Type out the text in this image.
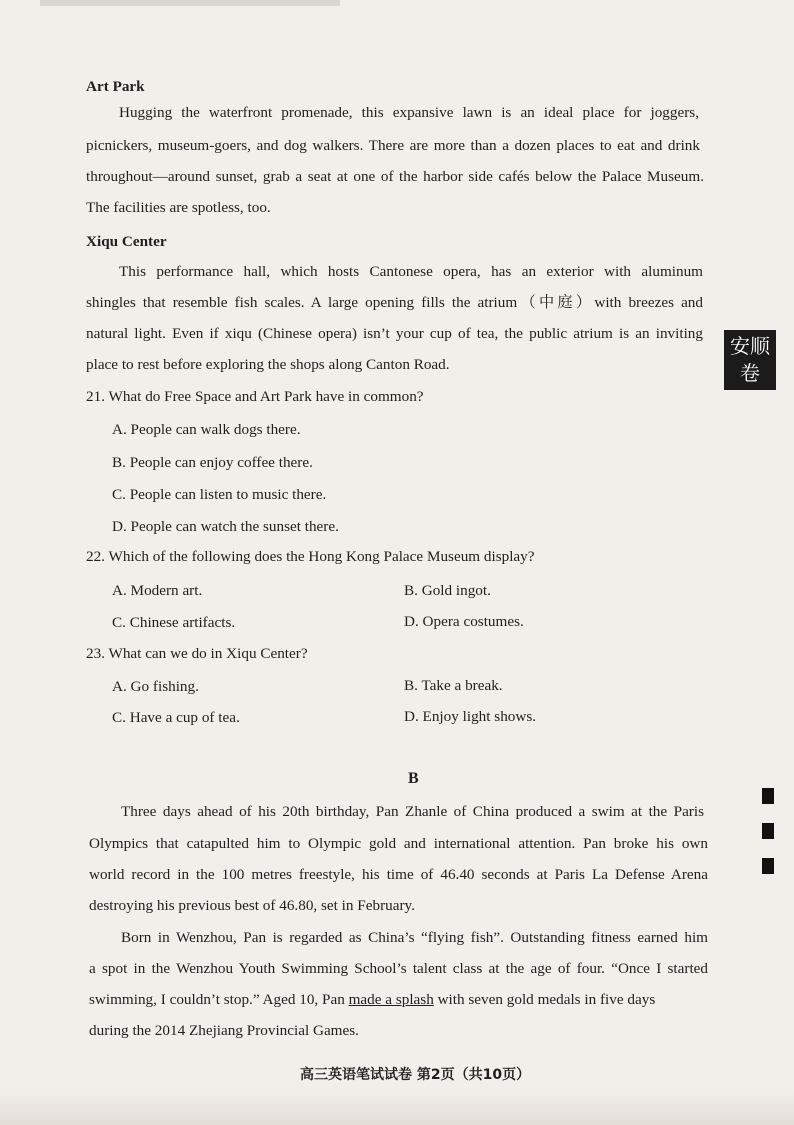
Art Park
Hugging the waterfront promenade, this expansive lawn is an ideal place for joggers,
picnickers, museum-goers, and dog walkers. There are more than a dozen places to eat and drink
throughout—around sunset, grab a seat at one of the harbor side cafés below the Palace Museum.
The facilities are spotless, too.
Xiqu Center
This performance hall, which hosts Cantonese opera, has an exterior with aluminum
shingles that resemble fish scales. A large opening fills the atrium（中庭）with breezes and
natural light. Even if xiqu (Chinese opera) isn’t your cup of tea, the public atrium is an inviting
place to rest before exploring the shops along Canton Road.
21. What do Free Space and Art Park have in common?
A. People can walk dogs there.
B. People can enjoy coffee there.
C. People can listen to music there.
D. People can watch the sunset there.
22. Which of the following does the Hong Kong Palace Museum display?
A. Modern art.	B. Gold ingot.
C. Chinese artifacts.	D. Opera costumes.
23. What can we do in Xiqu Center?
A. Go fishing.	B. Take a break.
C. Have a cup of tea.	D. Enjoy light shows.
B
Three days ahead of his 20th birthday, Pan Zhanle of China produced a swim at the Paris
Olympics that catapulted him to Olympic gold and international attention. Pan broke his own
world record in the 100 metres freestyle, his time of 46.40 seconds at Paris La Defense Arena
destroying his previous best of 46.80, set in February.
Born in Wenzhou, Pan is regarded as China’s “flying fish”. Outstanding fitness earned him
a spot in the Wenzhou Youth Swimming School’s talent class at the age of four. “Once I started
swimming, I couldn’t stop.” Aged 10, Pan made a splash with seven gold medals in five days
during the 2014 Zhejiang Provincial Games.
安顺
卷
高三英语笔试试卷 第2页（共10页）
